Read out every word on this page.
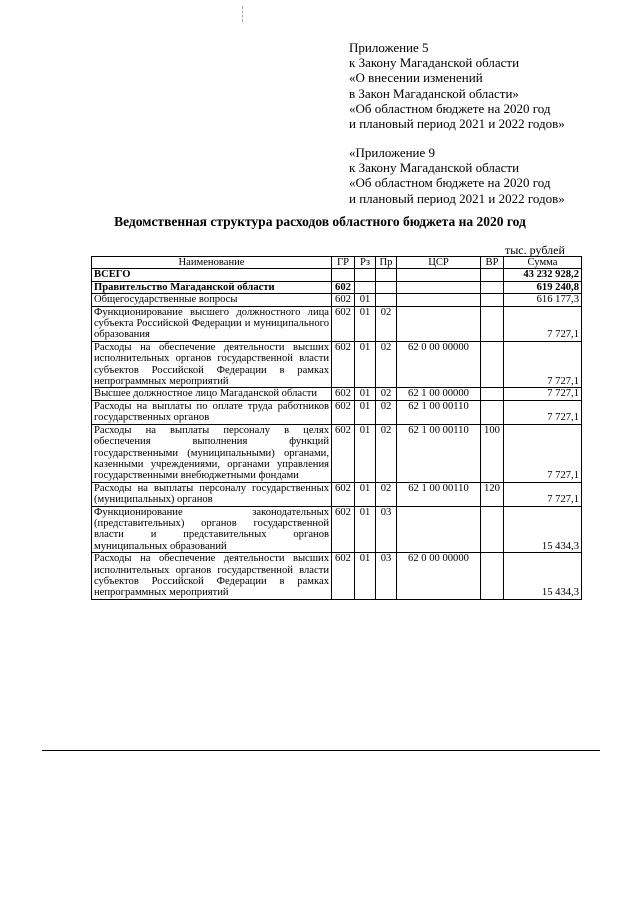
Приложение 5
к Закону Магаданской области
«О внесении изменений
в Закон Магаданской области»
«Об областном бюджете на 2020 год
и плановый период 2021 и 2022 годов»
«Приложение 9
к Закону Магаданской области
«Об областном бюджете на 2020 год
и плановый период 2021 и 2022 годов»
Ведомственная структура расходов областного бюджета на 2020 год
тыс. рублей
Наименование	ГР	Рз	Пр	ЦСР	ВР	Сумма
ВСЕГО						43 232 928,2
Правительство Магаданской области	602					619 240,8
Общегосударственные вопросы	602	01				616 177,3
Функционирование высшего должностного лица субъекта Российской Федерации и муниципального образования	602	01	02			7 727,1
Расходы на обеспечение деятельности высших исполнительных органов государственной власти субъектов Российской Федерации в рамках непрограммных мероприятий	602	01	02	62 0 00 00000		7 727,1
Высшее должностное лицо Магаданской области	602	01	02	62 1 00 00000		7 727,1
Расходы на выплаты по оплате труда работников государственных органов	602	01	02	62 1 00 00110		7 727,1
Расходы на выплаты персоналу в целях обеспечения выполнения функций государственными (муниципальными) органами, казенными учреждениями, органами управления государственными внебюджетными фондами	602	01	02	62 1 00 00110	100	7 727,1
Расходы на выплаты персоналу государственных (муниципальных) органов	602	01	02	62 1 00 00110	120	7 727,1
Функционирование законодательных (представительных) органов государственной власти и представительных органов муниципальных образований	602	01	03			15 434,3
Расходы на обеспечение деятельности высших исполнительных органов государственной власти субъектов Российской Федерации в рамках непрограммных мероприятий	602	01	03	62 0 00 00000		15 434,3
